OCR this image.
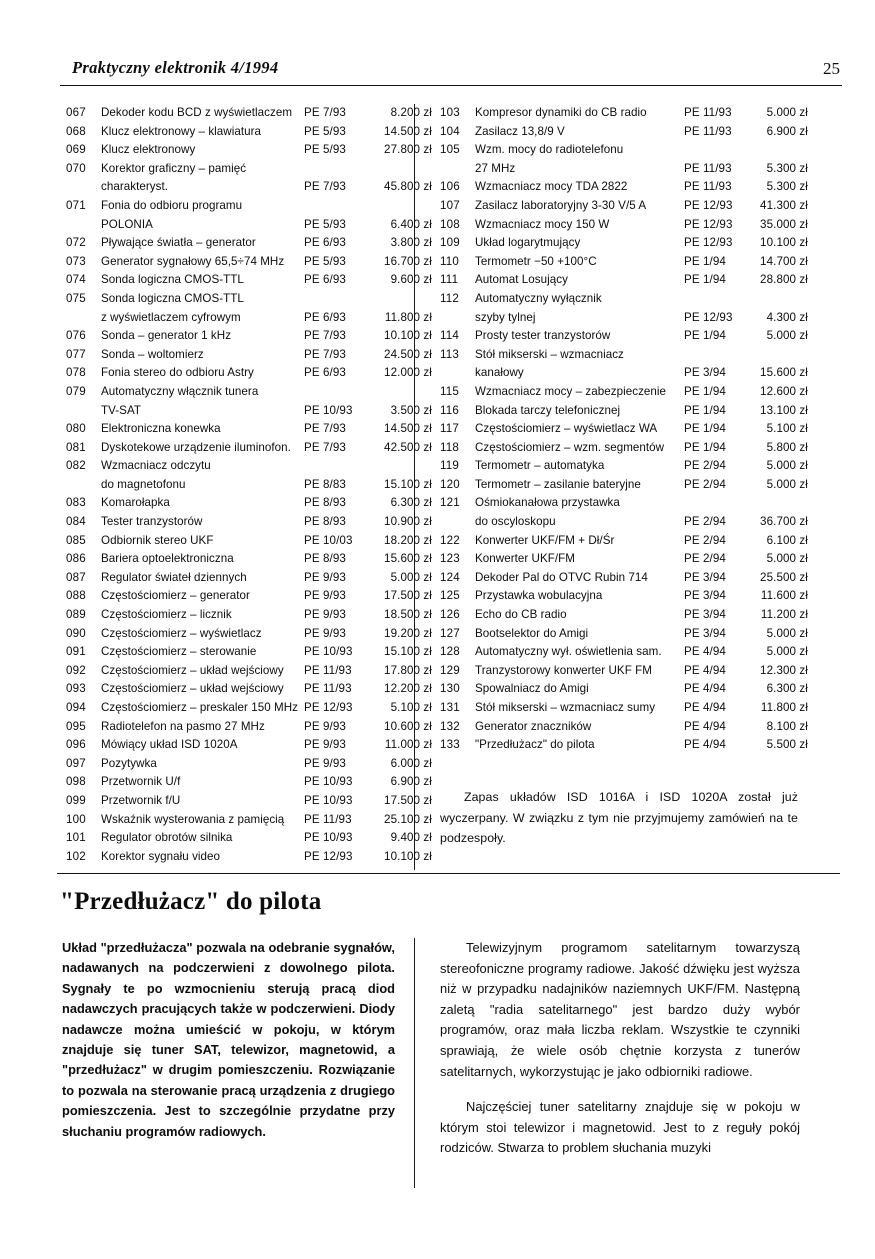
Praktyczny elektronik 4/1994	25
067	Dekoder kodu BCD z wyświetlaczem PE 7/93	8.200 zł
068	Klucz elektronowy – klawiatura	PE 5/93	14.500 zł
069	Klucz elektronowy	PE 5/93	27.800 zł
070	Korektor graficzny – pamięć
charakteryst.	PE 7/93	45.800 zł
071	Fonia do odbioru programu
POLONIA	PE 5/93	6.400 zł
072	Pływające światła – generator	PE 6/93	3.800 zł
073	Generator sygnałowy 65,5÷74 MHz PE 5/93	16.700 zł
074	Sonda logiczna CMOS-TTL	PE 6/93	9.600 zł
075	Sonda logiczna CMOS-TTL
z wyświetlaczem cyfrowym	PE 6/93	11.800 zł
076	Sonda – generator 1 kHz	PE 7/93	10.100 zł
077	Sonda – woltomierz	PE 7/93	24.500 zł
078	Fonia stereo do odbioru Astry	PE 6/93	12.000 zł
079	Automatyczny włącznik tunera
TV-SAT	PE 10/93	3.500 zł
080	Elektroniczna konewka	PE 7/93	14.500 zł
081	Dyskotekowe urządzenie iluminofon. PE 7/93	42.500 zł
082	Wzmacniacz odczytu
do magnetofonu	PE 8/83	15.100 zł
083	Komarołapka	PE 8/93	6.300 zł
084	Tester tranzystorów	PE 8/93	10.900 zł
085	Odbiornik stereo UKF	PE 10/03	18.200 zł
086	Bariera optoelektroniczna	PE 8/93	15.600 zł
087	Regulator świateł dziennych	PE 9/93	5.000 zł
088	Częstościomierz – generator	PE 9/93	17.500 zł
089	Częstościomierz – licznik	PE 9/93	18.500 zł
090	Częstościomierz – wyświetlacz	PE 9/93	19.200 zł
091	Częstościomierz – sterowanie	PE 10/93	15.100 zł
092	Częstościomierz – układ wejściowy PE 11/93	17.800 zł
093	Częstościomierz – układ wejściowy PE 11/93	12.200 zł
094	Częstościomierz – preskaler 150 MHz PE 12/93	5.100 zł
095	Radiotelefon na pasmo 27 MHz	PE 9/93	10.600 zł
096	Mówiący układ ISD 1020A	PE 9/93	11.000 zł
097	Pozytywka	PE 9/93	6.000 zł
098	Przetwornik U/f	PE 10/93	6.900 zł
099	Przetwornik f/U	PE 10/93	17.500 zł
100	Wskaźnik wysterowania z pamięcią PE 11/93	25.100 zł
101	Regulator obrotów silnika	PE 10/93	9.400 zł
102	Korektor sygnału video	PE 12/93	10.100 zł
103	Kompresor dynamiki do CB radio	PE 11/93	5.000 zł
104	Zasilacz 13,8/9 V	PE 11/93	6.900 zł
105	Wzm. mocy do radiotelefonu
27 MHz	PE 11/93	5.300 zł
106	Wzmacniacz mocy TDA 2822	PE 11/93	5.300 zł
107	Zasilacz laboratoryjny 3-30 V/5 A	PE 12/93	41.300 zł
108	Wzmacniacz mocy 150 W	PE 12/93	35.000 zł
109	Układ logarytmujący	PE 12/93	10.100 zł
110	Termometr −50 +100°C	PE 1/94	14.700 zł
111	Automat Losujący	PE 1/94	28.800 zł
112	Automatyczny wyłącznik
szyby tylnej	PE 12/93	4.300 zł
114	Prosty tester tranzystorów	PE 1/94	5.000 zł
113	Stół mikserski – wzmacniacz
kanałowy	PE 3/94	15.600 zł
115	Wzmacniacz mocy – zabezpieczenie PE 1/94	12.600 zł
116	Blokada tarczy telefonicznej	PE 1/94	13.100 zł
117	Częstościomierz – wyświetlacz WA PE 1/94	5.100 zł
118	Częstościomierz – wzm. segmentów PE 1/94	5.800 zł
119	Termometr – automatyka	PE 2/94	5.000 zł
120	Termometr – zasilanie bateryjne	PE 2/94	5.000 zł
121	Ośmiokanałowa przystawka
do oscyloskopu	PE 2/94	36.700 zł
122	Konwerter UKF/FM + Dł/Śr	PE 2/94	6.100 zł
123	Konwerter UKF/FM	PE 2/94	5.000 zł
124	Dekoder Pal do OTVC Rubin 714	PE 3/94	25.500 zł
125	Przystawka wobulacyjna	PE 3/94	11.600 zł
126	Echo do CB radio	PE 3/94	11.200 zł
127	Bootselektor do Amigi	PE 3/94	5.000 zł
128	Automatyczny wył. oświetlenia sam. PE 4/94	5.000 zł
129	Tranzystorowy konwerter UKF FM	PE 4/94	12.300 zł
130	Spowalniacz do Amigi	PE 4/94	6.300 zł
131	Stół mikserski – wzmacniacz sumy PE 4/94	11.800 zł
132	Generator znaczników	PE 4/94	8.100 zł
133	"Przedłużacz" do pilota	PE 4/94	5.500 zł
Zapas układów ISD 1016A i ISD 1020A został już wyczerpany. W związku z tym nie przyjmujemy zamówień na te podzespoły.
"Przedłużacz" do pilota

Układ "przedłużacza" pozwala na odebranie sygnałów, nadawanych na podczerwieni z dowolnego pilota. Sygnały te po wzmocnieniu sterują pracą diod nadawczych pracujących także w podczerwieni. Diody nadawcze można umieścić w pokoju, w którym znajduje się tuner SAT, telewizor, magnetowid, a "przedłużacz" w drugim pomieszczeniu. Rozwiązanie to pozwala na sterowanie pracą urządzenia z drugiego pomieszczenia. Jest to szczególnie przydatne przy słuchaniu programów radiowych.

Telewizyjnym programom satelitarnym towarzyszą stereofoniczne programy radiowe. Jakość dźwięku jest wyższa niż w przypadku nadajników naziemnych UKF/FM. Następną zaletą "radia satelitarnego" jest bardzo duży wybór programów, oraz mała liczba reklam. Wszystkie te czynniki sprawiają, że wiele osób chętnie korzysta z tunerów satelitarnych, wykorzystując je jako odbiorniki radiowe.

Najczęściej tuner satelitarny znajduje się w pokoju w którym stoi telewizor i magnetowid. Jest to z reguły pokój rodziców. Stwarza to problem słuchania muzyki
